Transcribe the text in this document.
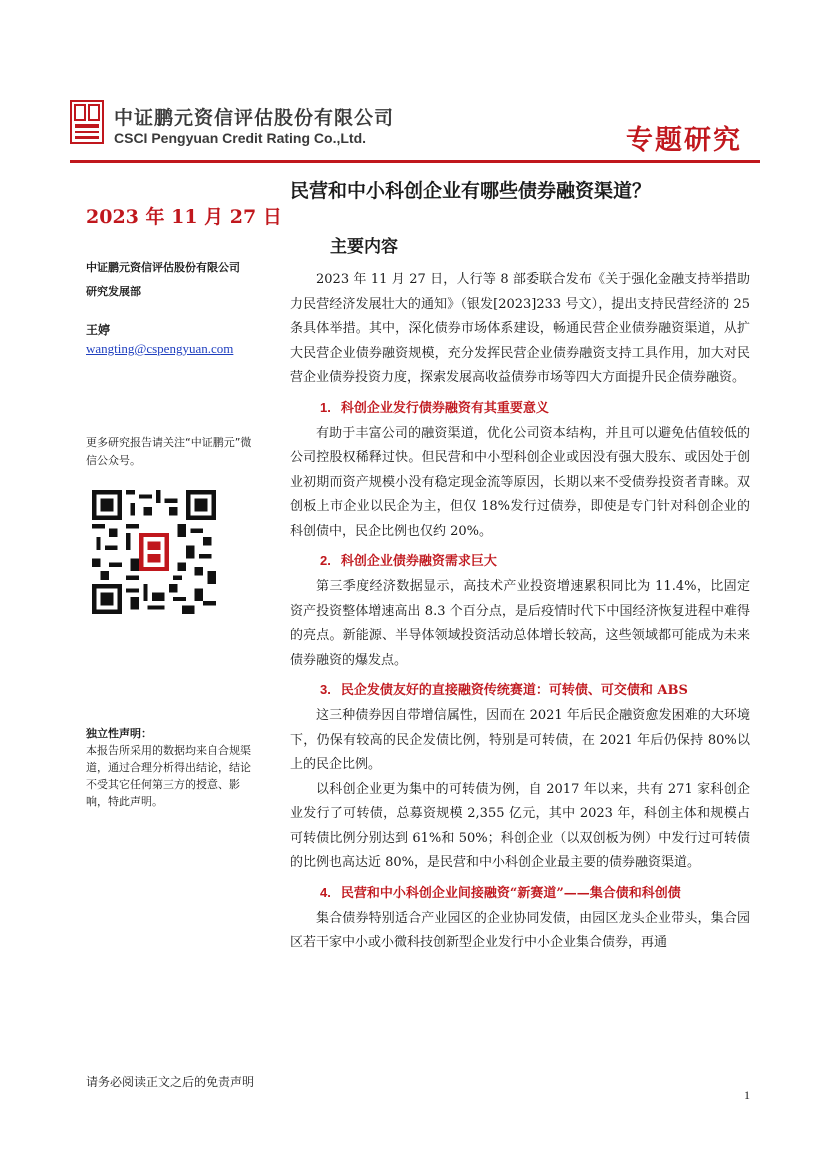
中证鹏元资信评估股份有限公司
CSCI Pengyuan Credit Rating Co.,Ltd.	专题研究
2023 年 11 月 27 日
民营和中小科创企业有哪些债券融资渠道？
主要内容
中证鹏元资信评估股份有限公司
研究发展部
王婷
wangting@cspengyuan.com
更多研究报告请关注“中证鹏元”微信公众号。
独立性声明：
本报告所采用的数据均来自合规渠道，通过合理分析得出结论，结论不受其它任何第三方的授意、影响，特此声明。

2023 年 11 月 27 日，人行等 8 部委联合发布《关于强化金融支持举措助力民营经济发展壮大的通知》（银发[2023]233 号文），提出支持民营经济的 25 条具体举措。其中，深化债券市场体系建设，畅通民营企业债券融资渠道，从扩大民营企业债券融资规模，充分发挥民营企业债券融资支持工具作用，加大对民营企业债券投资力度，探索发展高收益债券市场等四大方面提升民企债券融资。

1. 科创企业发行债券融资有其重要意义

有助于丰富公司的融资渠道，优化公司资本结构，并且可以避免估值较低的公司控股权稀释过快。但民营和中小型科创企业或因没有强大股东、或因处于创业初期而资产规模小没有稳定现金流等原因，长期以来不受债券投资者青睐。双创板上市企业以民企为主，但仅 18%发行过债券，即使是专门针对科创企业的科创债中，民企比例也仅约 20%。

2. 科创企业债券融资需求巨大

第三季度经济数据显示，高技术产业投资增速累积同比为 11.4%，比固定资产投资整体增速高出 8.3 个百分点，是后疫情时代下中国经济恢复进程中难得的亮点。新能源、半导体领域投资活动总体增长较高，这些领域都可能成为未来债券融资的爆发点。

3. 民企发债友好的直接融资传统赛道：可转债、可交债和 ABS

这三种债券因自带增信属性，因而在 2021 年后民企融资愈发困难的大环境下，仍保有较高的民企发债比例，特别是可转债，在 2021 年后仍保持 80%以上的民企比例。

以科创企业更为集中的可转债为例，自 2017 年以来，共有 271 家科创企业发行了可转债，总募资规模 2,355 亿元，其中 2023 年，科创主体和规模占可转债比例分别达到 61%和 50%；科创企业（以双创板为例）中发行过可转债的比例也高达近 80%，是民营和中小科创企业最主要的债券融资渠道。

4. 民营和中小科创企业间接融资“新赛道”——集合债和科创债

集合债券特别适合产业园区的企业协同发债，由园区龙头企业带头，集合园区若干家中小或小微科技创新型企业发行中小企业集合债券，再通

请务必阅读正文之后的免责声明
1
